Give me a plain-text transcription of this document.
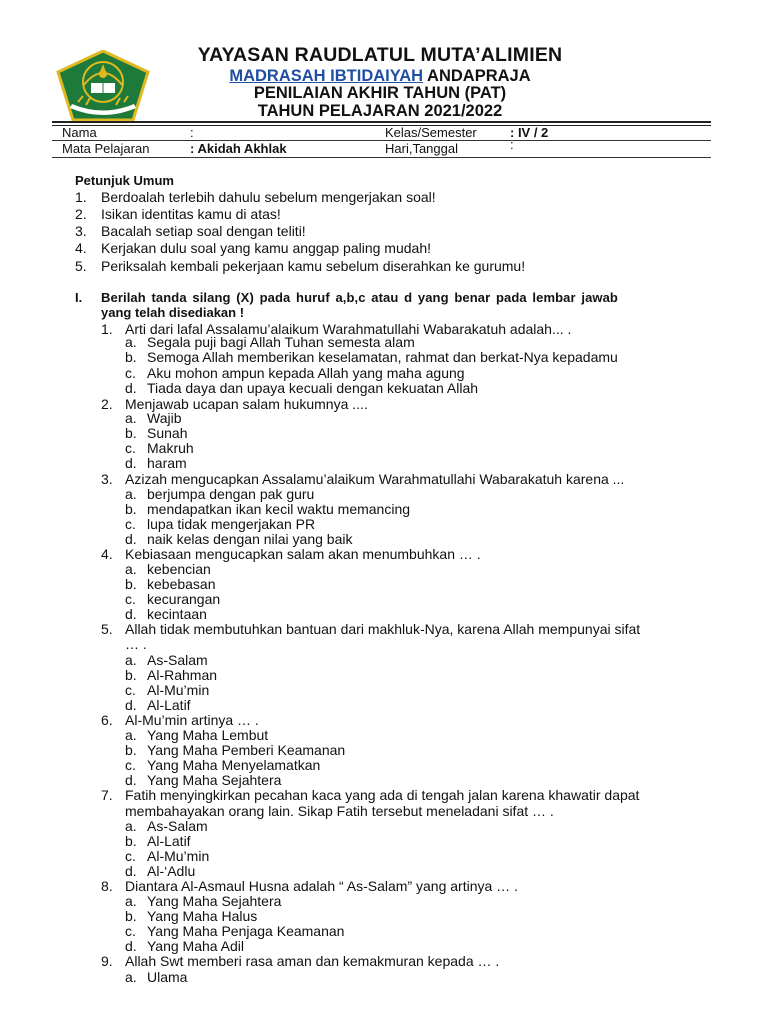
YAYASAN RAUDLATUL MUTA’ALIMIEN
MADRASAH IBTIDAIYAH ANDAPRAJA
PENILAIAN AKHIR TAHUN (PAT)
TAHUN PELAJARAN 2021/2022
Nama	:	Kelas/Semester	: IV / 2
Mata Pelajaran	: Akidah Akhlak	Hari,Tanggal	:
Petunjuk Umum
1. Berdoalah terlebih dahulu sebelum mengerjakan soal!
2. Isikan identitas kamu di atas!
3. Bacalah setiap soal dengan teliti!
4. Kerjakan dulu soal yang kamu anggap paling mudah!
5. Periksalah kembali pekerjaan kamu sebelum diserahkan ke gurumu!
I. Berilah tanda silang (X) pada huruf a,b,c atau d yang benar pada lembar jawab
yang telah disediakan !
1. Arti dari lafal Assalamu’alaikum Warahmatullahi Wabarakatuh adalah... .
a. Segala puji bagi Allah Tuhan semesta alam
b. Semoga Allah memberikan keselamatan, rahmat dan berkat-Nya kepadamu
c. Aku mohon ampun kepada Allah yang maha agung
d. Tiada daya dan upaya kecuali dengan kekuatan Allah
2. Menjawab ucapan salam hukumnya ....
a. Wajib
b. Sunah
c. Makruh
d. haram
3. Azizah mengucapkan Assalamu’alaikum Warahmatullahi Wabarakatuh karena ...
a. berjumpa dengan pak guru
b. mendapatkan ikan kecil waktu memancing
c. lupa tidak mengerjakan PR
d. naik kelas dengan nilai yang baik
4. Kebiasaan mengucapkan salam akan menumbuhkan … .
a. kebencian
b. kebebasan
c. kecurangan
d. kecintaan
5. Allah tidak membutuhkan bantuan dari makhluk-Nya, karena Allah mempunyai sifat
… .
a. As-Salam
b. Al-Rahman
c. Al-Mu’min
d. Al-Latif
6. Al-Mu’min artinya … .
a. Yang Maha Lembut
b. Yang Maha Pemberi Keamanan
c. Yang Maha Menyelamatkan
d. Yang Maha Sejahtera
7. Fatih menyingkirkan pecahan kaca yang ada di tengah jalan karena khawatir dapat
membahayakan orang lain. Sikap Fatih tersebut meneladani sifat … .
a. As-Salam
b. Al-Latif
c. Al-Mu’min
d. Al-‘Adlu
8. Diantara Al-Asmaul Husna adalah “ As-Salam” yang artinya … .
a. Yang Maha Sejahtera
b. Yang Maha Halus
c. Yang Maha Penjaga Keamanan
d. Yang Maha Adil
9. Allah Swt memberi rasa aman dan kemakmuran kepada … .
a. Ulama
